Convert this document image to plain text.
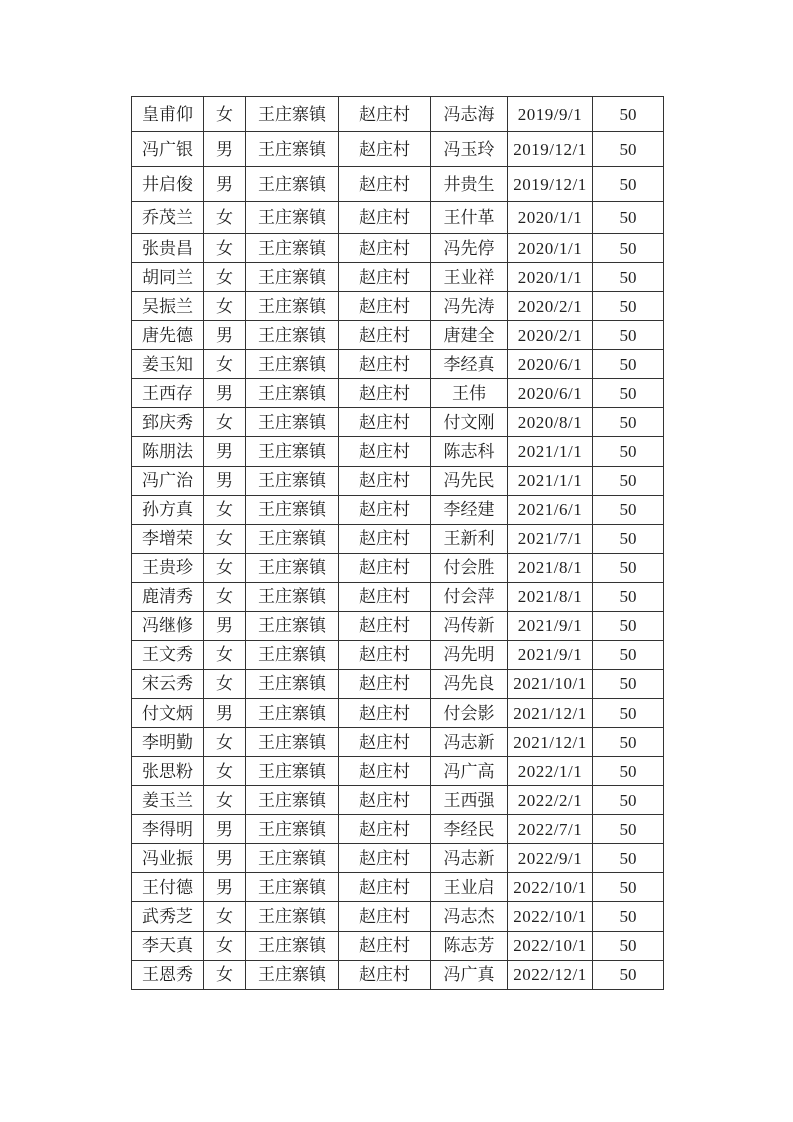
皇甫仰	女	王庄寨镇	赵庄村	冯志海	2019/9/1	50
冯广银	男	王庄寨镇	赵庄村	冯玉玲	2019/12/1	50
井启俊	男	王庄寨镇	赵庄村	井贵生	2019/12/1	50
乔茂兰	女	王庄寨镇	赵庄村	王什革	2020/1/1	50
张贵昌	女	王庄寨镇	赵庄村	冯先停	2020/1/1	50
胡同兰	女	王庄寨镇	赵庄村	王业祥	2020/1/1	50
吴振兰	女	王庄寨镇	赵庄村	冯先涛	2020/2/1	50
唐先德	男	王庄寨镇	赵庄村	唐建全	2020/2/1	50
姜玉知	女	王庄寨镇	赵庄村	李经真	2020/6/1	50
王西存	男	王庄寨镇	赵庄村	王伟	2020/6/1	50
郅庆秀	女	王庄寨镇	赵庄村	付文刚	2020/8/1	50
陈朋法	男	王庄寨镇	赵庄村	陈志科	2021/1/1	50
冯广治	男	王庄寨镇	赵庄村	冯先民	2021/1/1	50
孙方真	女	王庄寨镇	赵庄村	李经建	2021/6/1	50
李增荣	女	王庄寨镇	赵庄村	王新利	2021/7/1	50
王贵珍	女	王庄寨镇	赵庄村	付会胜	2021/8/1	50
鹿清秀	女	王庄寨镇	赵庄村	付会萍	2021/8/1	50
冯继修	男	王庄寨镇	赵庄村	冯传新	2021/9/1	50
王文秀	女	王庄寨镇	赵庄村	冯先明	2021/9/1	50
宋云秀	女	王庄寨镇	赵庄村	冯先良	2021/10/1	50
付文炳	男	王庄寨镇	赵庄村	付会影	2021/12/1	50
李明勤	女	王庄寨镇	赵庄村	冯志新	2021/12/1	50
张思粉	女	王庄寨镇	赵庄村	冯广高	2022/1/1	50
姜玉兰	女	王庄寨镇	赵庄村	王西强	2022/2/1	50
李得明	男	王庄寨镇	赵庄村	李经民	2022/7/1	50
冯业振	男	王庄寨镇	赵庄村	冯志新	2022/9/1	50
王付德	男	王庄寨镇	赵庄村	王业启	2022/10/1	50
武秀芝	女	王庄寨镇	赵庄村	冯志杰	2022/10/1	50
李天真	女	王庄寨镇	赵庄村	陈志芳	2022/10/1	50
王恩秀	女	王庄寨镇	赵庄村	冯广真	2022/12/1	50
